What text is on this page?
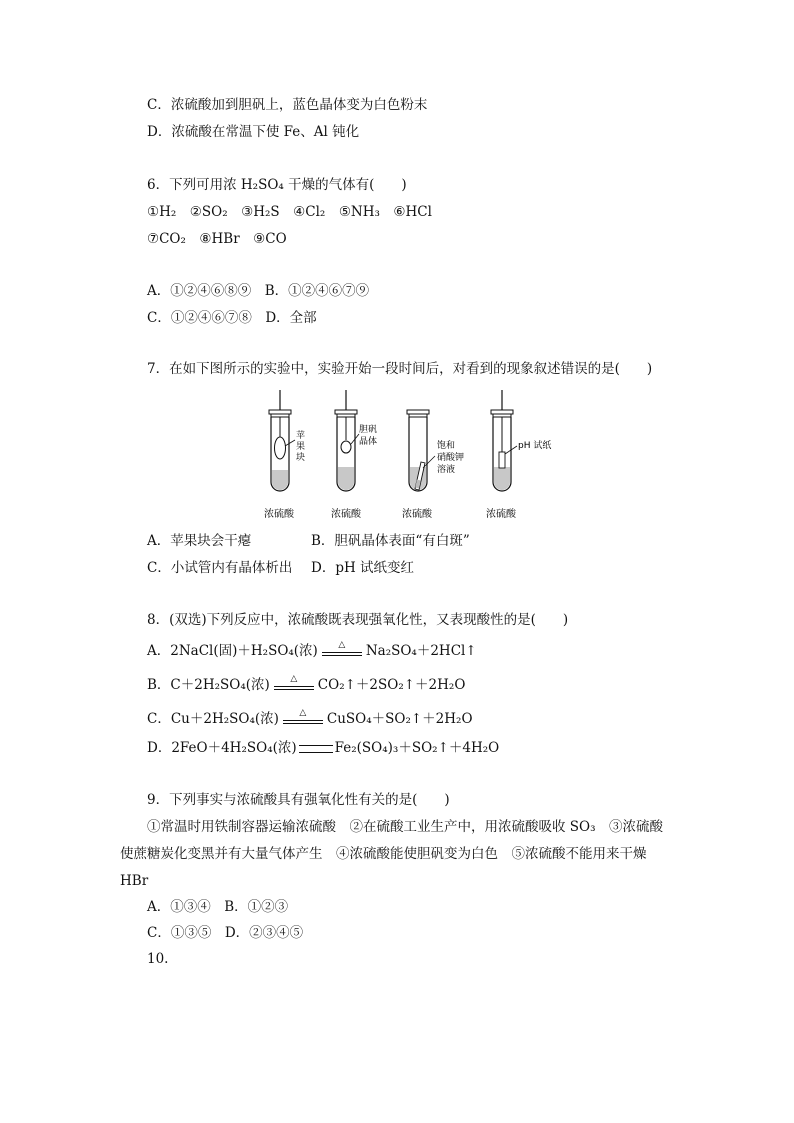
C．浓硫酸加到胆矾上，蓝色晶体变为白色粉末
D．浓硫酸在常温下使 Fe、Al 钝化
6．下列可用浓 H₂SO₄ 干燥的气体有(　　)
①H₂　②SO₂　③H₂S　④Cl₂　⑤NH₃　⑥HCl
⑦CO₂　⑧HBr　⑨CO
A．①②④⑥⑧⑨　B．①②④⑥⑦⑨
C．①②④⑥⑦⑧　D．全部
7．在如下图所示的实验中，实验开始一段时间后，对看到的现象叙述错误的是(　　)
苹
果
块
浓硫酸
胆矾
晶体
浓硫酸
饱和
硝酸钾
溶液
浓硫酸
pH 试纸
浓硫酸
A．苹果块会干瘪	B．胆矾晶体表面“有白斑”
C．小试管内有晶体析出 D．pH 试纸变红
8．(双选)下列反应中，浓硫酸既表现强氧化性，又表现酸性的是(　　)
A．2NaCl(固)＋H₂SO₄(浓)	△	Na₂SO₄＋2HCl↑
B．C＋2H₂SO₄(浓)	△	CO₂↑＋2SO₂↑＋2H₂O
C．Cu＋2H₂SO₄(浓)	△	CuSO₄＋SO₂↑＋2H₂O
D．2FeO＋4H₂SO₄(浓)	Fe₂(SO₄)₃＋SO₂↑＋4H₂O
9．下列事实与浓硫酸具有强氧化性有关的是(　　)
①常温时用铁制容器运输浓硫酸　②在硫酸工业生产中，用浓硫酸吸收 SO₃　③浓硫酸
使蔗糖炭化变黑并有大量气体产生　④浓硫酸能使胆矾变为白色　⑤浓硫酸不能用来干燥
HBr
A．①③④　B．①②③
C．①③⑤　D．②③④⑤
10.
